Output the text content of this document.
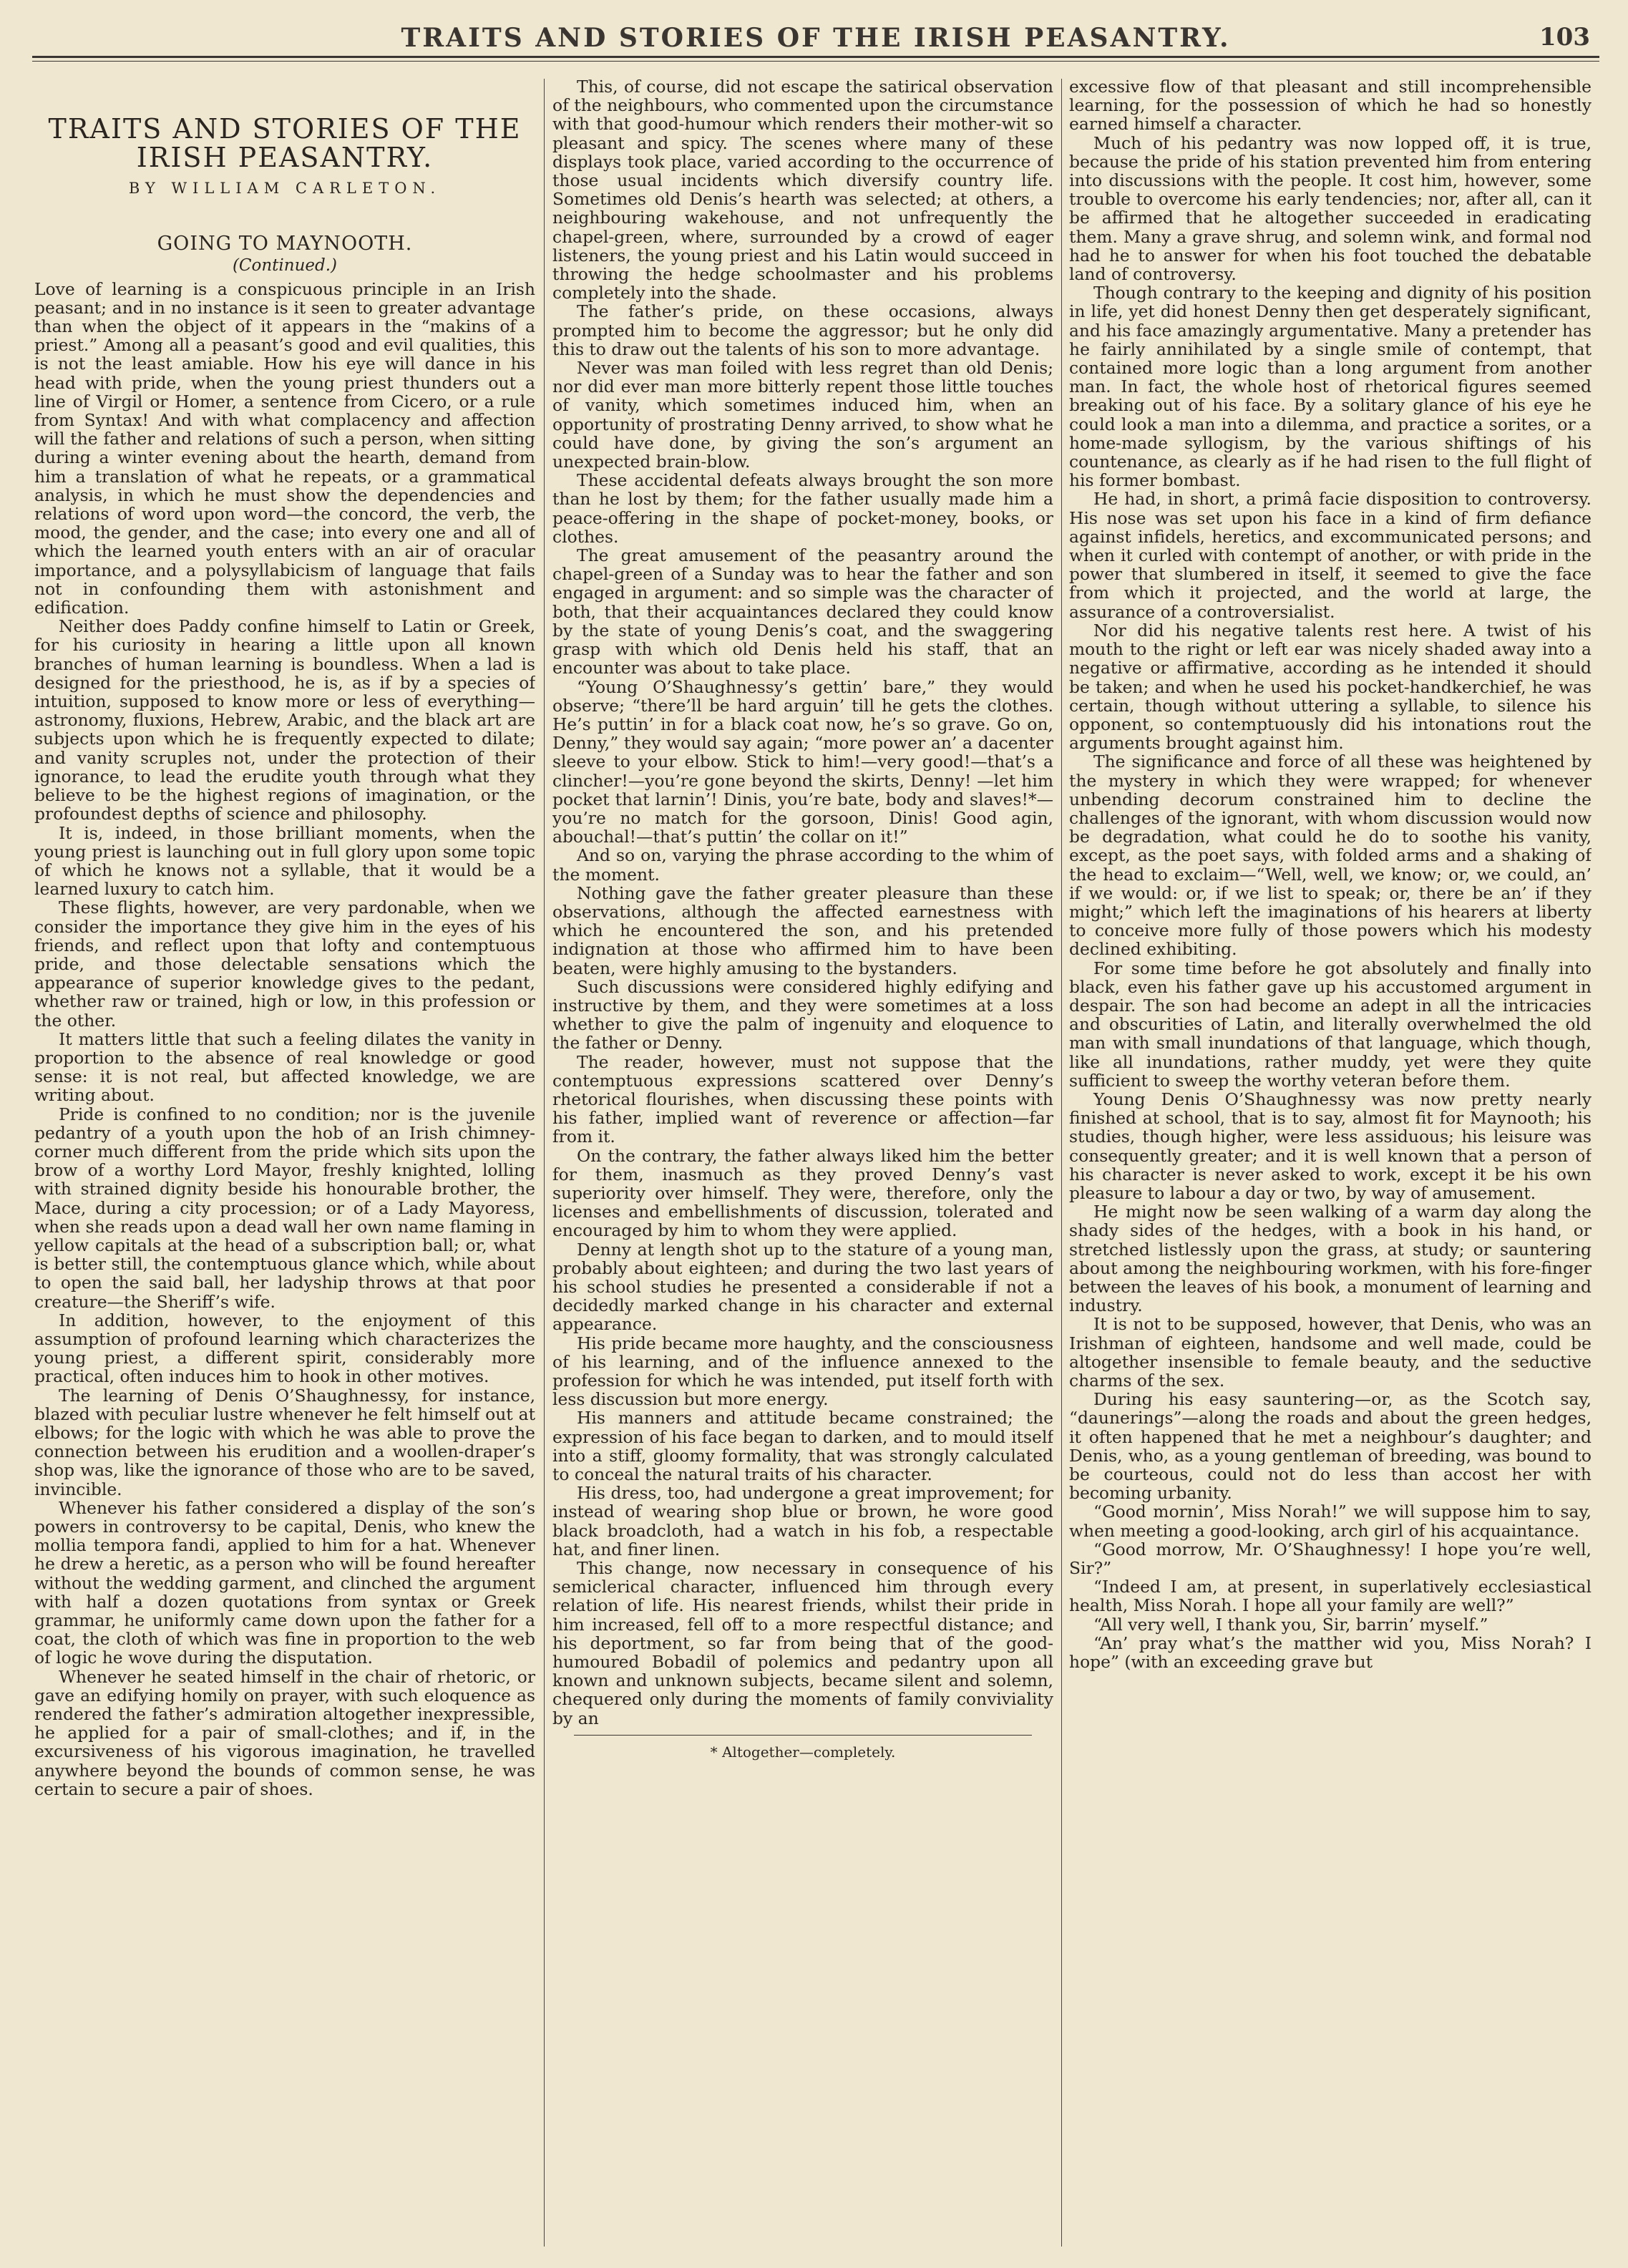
TRAITS AND STORIES OF THE IRISH PEASANTRY.	103
TRAITS AND STORIES OF THE IRISH PEASANTRY.
BY WILLIAM CARLETON.
GOING TO MAYNOOTH.
(Continued.)

Love of learning is a conspicuous principle in an Irish peasant; and in no instance is it seen to greater advantage than when the object of it appears in the “makins of a priest.” Among all a peasant’s good and evil qualities, this is not the least amiable. How his eye will dance in his head with pride, when the young priest thunders out a line of Virgil or Homer, a sentence from Cicero, or a rule from Syntax! And with what complacency and affection will the father and relations of such a person, when sitting during a winter evening about the hearth, demand from him a translation of what he repeats, or a grammatical analysis, in which he must show the dependencies and relations of word upon word—the concord, the verb, the mood, the gender, and the case; into every one and all of which the learned youth enters with an air of oracular importance, and a polysyllabicism of language that fails not in confounding them with astonishment and edification.

Neither does Paddy confine himself to Latin or Greek, for his curiosity in hearing a little upon all known branches of human learning is boundless. When a lad is designed for the priesthood, he is, as if by a species of intuition, supposed to know more or less of everything—astronomy, fluxions, Hebrew, Arabic, and the black art are subjects upon which he is frequently expected to dilate; and vanity scruples not, under the protection of their ignorance, to lead the erudite youth through what they believe to be the highest regions of imagination, or the profoundest depths of science and philosophy.

It is, indeed, in those brilliant moments, when the young priest is launching out in full glory upon some topic of which he knows not a syllable, that it would be a learned luxury to catch him.

These flights, however, are very pardonable, when we consider the importance they give him in the eyes of his friends, and reflect upon that lofty and contemptuous pride, and those delectable sensations which the appearance of superior knowledge gives to the pedant, whether raw or trained, high or low, in this profession or the other.

It matters little that such a feeling dilates the vanity in proportion to the absence of real knowledge or good sense: it is not real, but affected knowledge, we are writing about.

Pride is confined to no condition; nor is the juvenile pedantry of a youth upon the hob of an Irish chimney-corner much different from the pride which sits upon the brow of a worthy Lord Mayor, freshly knighted, lolling with strained dignity beside his honourable brother, the Mace, during a city procession; or of a Lady Mayoress, when she reads upon a dead wall her own name flaming in yellow capitals at the head of a subscription ball; or, what is better still, the contemptuous glance which, while about to open the said ball, her ladyship throws at that poor creature—the Sheriff’s wife.

In addition, however, to the enjoyment of this assumption of profound learning which characterizes the young priest, a different spirit, considerably more practical, often induces him to hook in other motives.

The learning of Denis O’Shaughnessy, for instance, blazed with peculiar lustre whenever he felt himself out at elbows; for the logic with which he was able to prove the connection between his erudition and a woollen-draper’s shop was, like the ignorance of those who are to be saved, invincible.

Whenever his father considered a display of the son’s powers in controversy to be capital, Denis, who knew the mollia tempora fandi, applied to him for a hat. Whenever he drew a heretic, as a person who will be found hereafter without the wedding garment, and clinched the argument with half a dozen quotations from syntax or Greek grammar, he uniformly came down upon the father for a coat, the cloth of which was fine in proportion to the web of logic he wove during the disputation.

Whenever he seated himself in the chair of rhetoric, or gave an edifying homily on prayer, with such eloquence as rendered the father’s admiration altogether inexpressible, he applied for a pair of small-clothes; and if, in the excursiveness of his vigorous imagination, he travelled anywhere beyond the bounds of common sense, he was certain to secure a pair of shoes.

This, of course, did not escape the satirical observation of the neighbours, who commented upon the circumstance with that good-humour which renders their mother-wit so pleasant and spicy. The scenes where many of these displays took place, varied according to the occurrence of those usual incidents which diversify country life. Sometimes old Denis’s hearth was selected; at others, a neighbouring wakehouse, and not unfrequently the chapel-green, where, surrounded by a crowd of eager listeners, the young priest and his Latin would succeed in throwing the hedge schoolmaster and his problems completely into the shade.

The father’s pride, on these occasions, always prompted him to become the aggressor; but he only did this to draw out the talents of his son to more advantage.

Never was man foiled with less regret than old Denis; nor did ever man more bitterly repent those little touches of vanity, which sometimes induced him, when an opportunity of prostrating Denny arrived, to show what he could have done, by giving the son’s argument an unexpected brain-blow.

These accidental defeats always brought the son more than he lost by them; for the father usually made him a peace-offering in the shape of pocket-money, books, or clothes.

The great amusement of the peasantry around the chapel-green of a Sunday was to hear the father and son engaged in argument: and so simple was the character of both, that their acquaintances declared they could know by the state of young Denis’s coat, and the swaggering grasp with which old Denis held his staff, that an encounter was about to take place.

“Young O’Shaughnessy’s gettin’ bare,” they would observe; “there’ll be hard arguin’ till he gets the clothes. He’s puttin’ in for a black coat now, he’s so grave. Go on, Denny,” they would say again; “more power an’ a dacenter sleeve to your elbow. Stick to him!—very good!—that’s a clincher!—you’re gone beyond the skirts, Denny! —let him pocket that larnin’! Dinis, you’re bate, body and slaves!*—you’re no match for the gorsoon, Dinis! Good agin, abouchal!—that’s puttin’ the collar on it!”

And so on, varying the phrase according to the whim of the moment.

Nothing gave the father greater pleasure than these observations, although the affected earnestness with which he encountered the son, and his pretended indignation at those who affirmed him to have been beaten, were highly amusing to the bystanders.

Such discussions were considered highly edifying and instructive by them, and they were sometimes at a loss whether to give the palm of ingenuity and eloquence to the father or Denny.

The reader, however, must not suppose that the contemptuous expressions scattered over Denny’s rhetorical flourishes, when discussing these points with his father, implied want of reverence or affection—far from it.

On the contrary, the father always liked him the better for them, inasmuch as they proved Denny’s vast superiority over himself. They were, therefore, only the licenses and embellishments of discussion, tolerated and encouraged by him to whom they were applied.

Denny at length shot up to the stature of a young man, probably about eighteen; and during the two last years of his school studies he presented a considerable if not a decidedly marked change in his character and external appearance.

His pride became more haughty, and the consciousness of his learning, and of the influence annexed to the profession for which he was intended, put itself forth with less discussion but more energy.

His manners and attitude became constrained; the expression of his face began to darken, and to mould itself into a stiff, gloomy formality, that was strongly calculated to conceal the natural traits of his character.

His dress, too, had undergone a great improvement; for instead of wearing shop blue or brown, he wore good black broadcloth, had a watch in his fob, a respectable hat, and finer linen.

This change, now necessary in consequence of his semiclerical character, influenced him through every relation of life. His nearest friends, whilst their pride in him increased, fell off to a more respectful distance; and his deportment, so far from being that of the good-humoured Bobadil of polemics and pedantry upon all known and unknown subjects, became silent and solemn, chequered only during the moments of family conviviality by an

* Altogether—completely.

excessive flow of that pleasant and still incomprehensible learning, for the possession of which he had so honestly earned himself a character.

Much of his pedantry was now lopped off, it is true, because the pride of his station prevented him from entering into discussions with the people. It cost him, however, some trouble to overcome his early tendencies; nor, after all, can it be affirmed that he altogether succeeded in eradicating them. Many a grave shrug, and solemn wink, and formal nod had he to answer for when his foot touched the debatable land of controversy.

Though contrary to the keeping and dignity of his position in life, yet did honest Denny then get desperately significant, and his face amazingly argumentative. Many a pretender has he fairly annihilated by a single smile of contempt, that contained more logic than a long argument from another man. In fact, the whole host of rhetorical figures seemed breaking out of his face. By a solitary glance of his eye he could look a man into a dilemma, and practice a sorites, or a home-made syllogism, by the various shiftings of his countenance, as clearly as if he had risen to the full flight of his former bombast.

He had, in short, a primâ facie disposition to controversy. His nose was set upon his face in a kind of firm defiance against infidels, heretics, and excommunicated persons; and when it curled with contempt of another, or with pride in the power that slumbered in itself, it seemed to give the face from which it projected, and the world at large, the assurance of a controversialist.

Nor did his negative talents rest here. A twist of his mouth to the right or left ear was nicely shaded away into a negative or affirmative, according as he intended it should be taken; and when he used his pocket-handkerchief, he was certain, though without uttering a syllable, to silence his opponent, so contemptuously did his intonations rout the arguments brought against him.

The significance and force of all these was heightened by the mystery in which they were wrapped; for whenever unbending decorum constrained him to decline the challenges of the ignorant, with whom discussion would now be degradation, what could he do to soothe his vanity, except, as the poet says, with folded arms and a shaking of the head to exclaim—“Well, well, we know; or, we could, an’ if we would: or, if we list to speak; or, there be an’ if they might;” which left the imaginations of his hearers at liberty to conceive more fully of those powers which his modesty declined exhibiting.

For some time before he got absolutely and finally into black, even his father gave up his accustomed argument in despair. The son had become an adept in all the intricacies and obscurities of Latin, and literally overwhelmed the old man with small inundations of that language, which though, like all inundations, rather muddy, yet were they quite sufficient to sweep the worthy veteran before them.

Young Denis O’Shaughnessy was now pretty nearly finished at school, that is to say, almost fit for Maynooth; his studies, though higher, were less assiduous; his leisure was consequently greater; and it is well known that a person of his character is never asked to work, except it be his own pleasure to labour a day or two, by way of amusement.

He might now be seen walking of a warm day along the shady sides of the hedges, with a book in his hand, or stretched listlessly upon the grass, at study; or sauntering about among the neighbouring workmen, with his fore-finger between the leaves of his book, a monument of learning and industry.

It is not to be supposed, however, that Denis, who was an Irishman of eighteen, handsome and well made, could be altogether insensible to female beauty, and the seductive charms of the sex.

During his easy sauntering—or, as the Scotch say, “daunerings”—along the roads and about the green hedges, it often happened that he met a neighbour’s daughter; and Denis, who, as a young gentleman of breeding, was bound to be courteous, could not do less than accost her with becoming urbanity.

“Good mornin’, Miss Norah!” we will suppose him to say, when meeting a good-looking, arch girl of his acquaintance.

“Good morrow, Mr. O’Shaughnessy! I hope you’re well, Sir?”

“Indeed I am, at present, in superlatively ecclesiastical health, Miss Norah. I hope all your family are well?”

“All very well, I thank you, Sir, barrin’ myself.”

“An’ pray what’s the matther wid you, Miss Norah? I hope” (with an exceeding grave but
